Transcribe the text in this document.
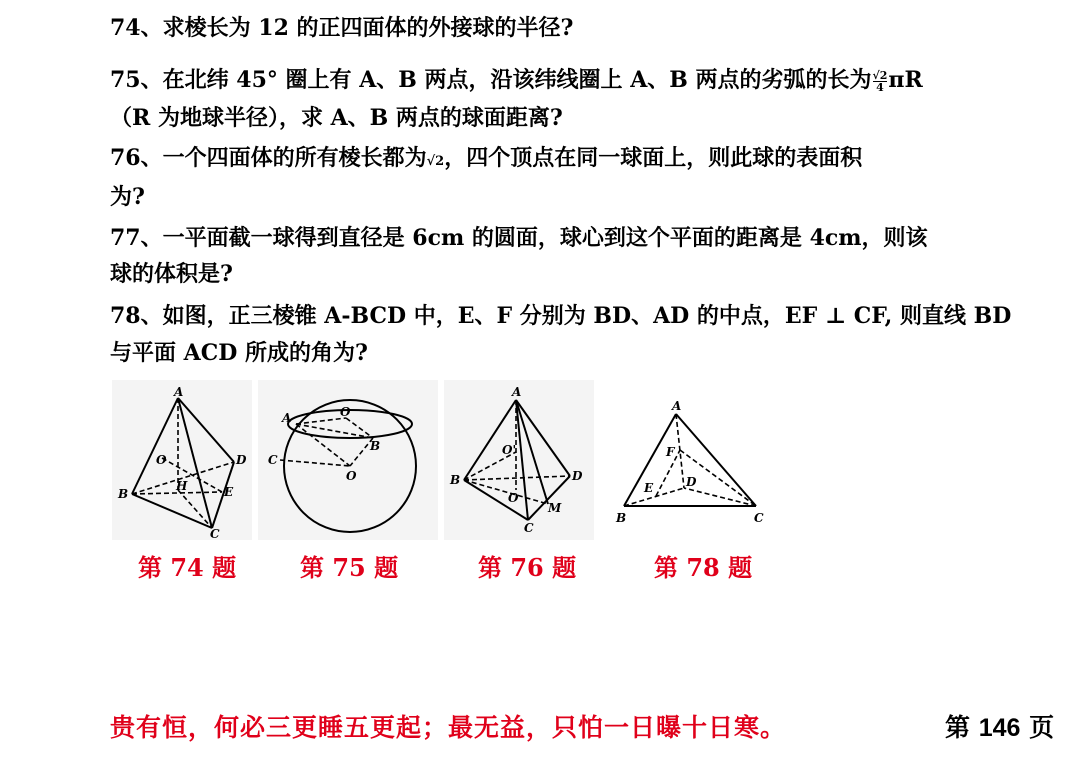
74、求棱长为 12 的正四面体的外接球的半径?
75、在北纬 45° 圈上有 A、B 两点，沿该纬线圈上 A、B 两点的劣弧的长为 $\frac{√2}{4}$ πR
（R 为地球半径），求 A、B 两点的球面距离?
76、一个四面体的所有棱长都为√2，四个顶点在同一球面上，则此球的表面积
为?
77、一平面截一球得到直径是 6cm 的圆面，球心到这个平面的距离是 4cm，则该
球的体积是?
78、如图，正三棱锥 A-BCD 中，E、F 分别为 BD、AD 的中点，EF ⊥ CF, 则直线 BD
与平面 ACD 所成的角为?
A
B
C
D
E
H
O
A
B
C
O
O
A
B
C
D
M
O
O'
A
B	C
D
E
F
第 74 题	第 75 题	第 76 题	第 78 题
贵有恒，何必三更睡五更起；最无益，只怕一日曝十日寒。	第 146 页
